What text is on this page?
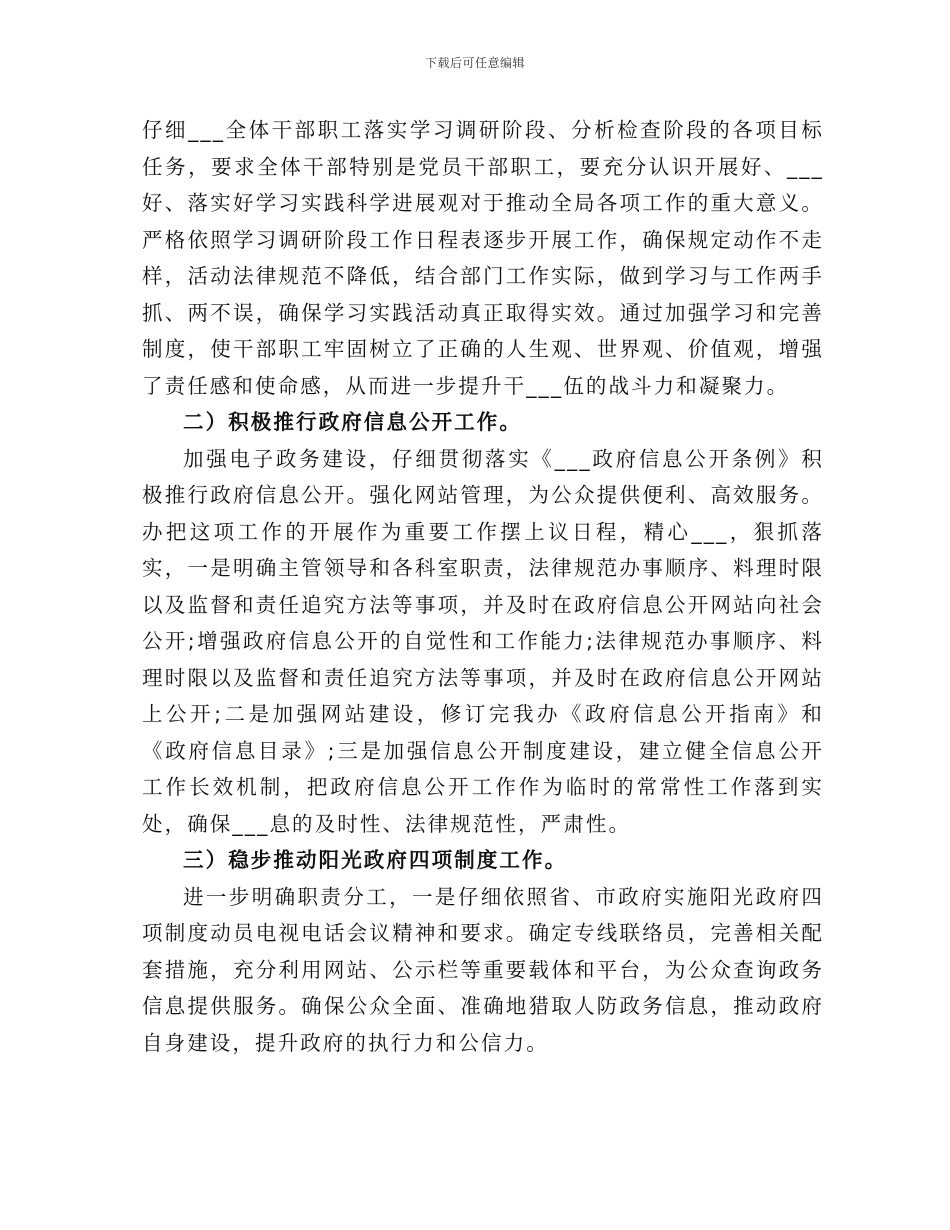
下载后可任意编辑

仔细___全体干部职工落实学习调研阶段、分析检查阶段的各项目标任务，要求全体干部特别是党员干部职工，要充分认识开展好、___好、落实好学习实践科学进展观对于推动全局各项工作的重大意义。严格依照学习调研阶段工作日程表逐步开展工作，确保规定动作不走样，活动法律规范不降低，结合部门工作实际，做到学习与工作两手抓、两不误，确保学习实践活动真正取得实效。通过加强学习和完善制度，使干部职工牢固树立了正确的人生观、世界观、价值观，增强了责任感和使命感，从而进一步提升干___伍的战斗力和凝聚力。

二）积极推行政府信息公开工作。

加强电子政务建设，仔细贯彻落实《___政府信息公开条例》积极推行政府信息公开。强化网站管理，为公众提供便利、高效服务。办把这项工作的开展作为重要工作摆上议日程，精心___，狠抓落实，一是明确主管领导和各科室职责，法律规范办事顺序、料理时限以及监督和责任追究方法等事项，并及时在政府信息公开网站向社会公开;增强政府信息公开的自觉性和工作能力;法律规范办事顺序、料理时限以及监督和责任追究方法等事项，并及时在政府信息公开网站上公开;二是加强网站建设，修订完我办《政府信息公开指南》和《政府信息目录》;三是加强信息公开制度建设，建立健全信息公开工作长效机制，把政府信息公开工作作为临时的常常性工作落到实处，确保___息的及时性、法律规范性，严肃性。

三）稳步推动阳光政府四项制度工作。

进一步明确职责分工，一是仔细依照省、市政府实施阳光政府四项制度动员电视电话会议精神和要求。确定专线联络员，完善相关配套措施，充分利用网站、公示栏等重要载体和平台，为公众查询政务信息提供服务。确保公众全面、准确地猎取人防政务信息，推动政府自身建设，提升政府的执行力和公信力。
